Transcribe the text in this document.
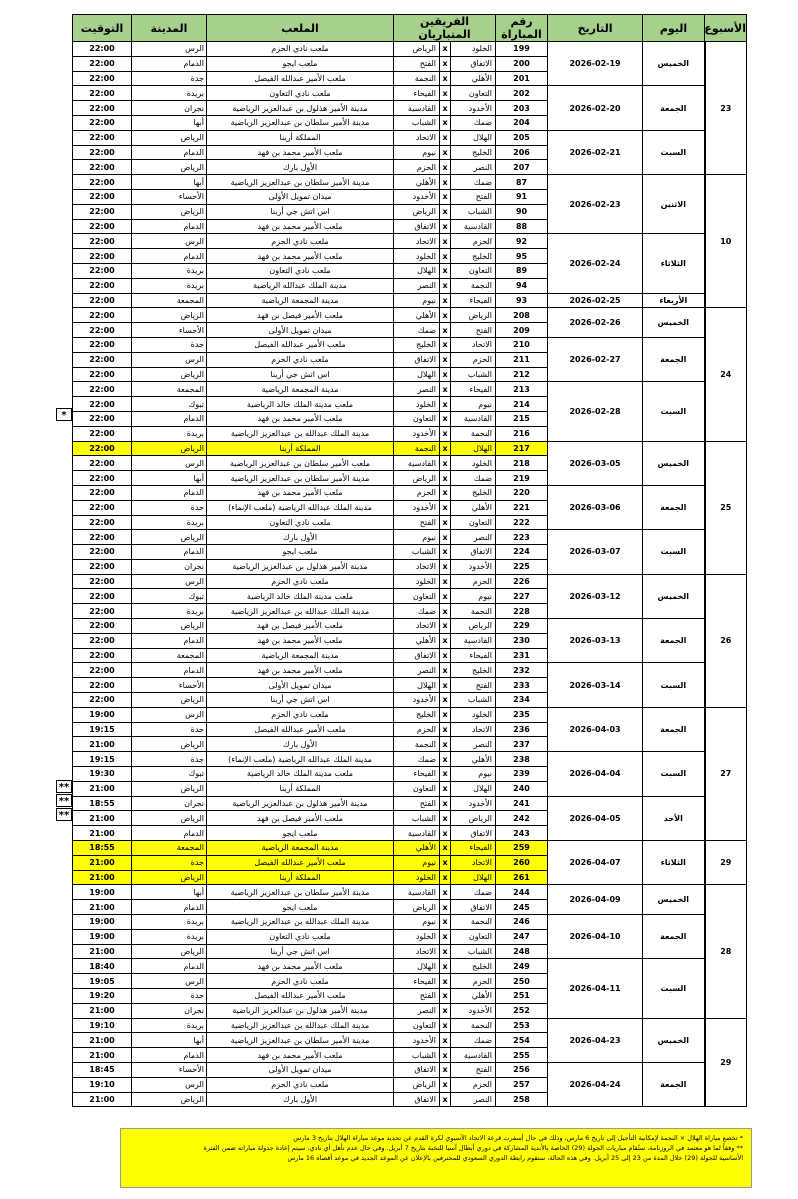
الأسبوع	اليوم	التاريخ	رقم المباراة	الفريقين المتباريان			الملعب	المدينة	التوقيت
23	الخميس	2026-02-19	199	الخلود	x	الرياض	ملعب نادي الحزم	الرس	22:00
			200	الاتفاق	x	الفتح	ملعب ايجو	الدمام	22:00
			201	الأهلي	x	النجمة	ملعب الأمير عبدالله الفيصل	جدة	22:00
	الجمعة	2026-02-20	202	التعاون	x	الفيحاء	ملعب نادي التعاون	بريدة	22:00
			203	الأخدود	x	القادسية	مدينة الأمير هذلول بن عبدالعزيز الرياضية	نجران	22:00
			204	ضمك	x	الشباب	مدينة الأمير سلطان بن عبدالعزيز الرياضية	أبها	22:00
	السبت	2026-02-21	205	الهلال	x	الاتحاد	المملكة أرينا	الرياض	22:00
			206	الخليج	x	نيوم	ملعب الأمير محمد بن فهد	الدمام	22:00
			207	النصر	x	الحزم	الأول بارك	الرياض	22:00
10	الاثنين	2026-02-23	87	ضمك	x	الأهلي	مدينة الأمير سلطان بن عبدالعزيز الرياضية	أبها	22:00
			91	الفتح	x	الأخدود	ميدان تمويل الأولى	الأحساء	22:00
			90	الشباب	x	الرياض	اس اتش جي أرينا	الرياض	22:00
			88	القادسية	x	الاتفاق	ملعب الأمير محمد بن فهد	الدمام	22:00
	الثلاثاء	2026-02-24	92	الحزم	x	الاتحاد	ملعب نادي الحزم	الرس	22:00
			95	الخليج	x	الخلود	ملعب الأمير محمد بن فهد	الدمام	22:00
			89	التعاون	x	الهلال	ملعب نادي التعاون	بريدة	22:00
			94	النجمة	x	النصر	مدينة الملك عبدالله الرياضية	بريدة	22:00
	الأربعاء	2026-02-25	93	الفيحاء	x	نيوم	مدينة المجمعة الرياضية	المجمعة	22:00
24	الخميس	2026-02-26	208	الرياض	x	الأهلي	ملعب الأمير فيصل بن فهد	الرياض	22:00
			209	الفتح	x	ضمك	ميدان تمويل الأولى	الأحساء	22:00
	الجمعة	2026-02-27	210	الاتحاد	x	الخليج	ملعب الأمير عبدالله الفيصل	جدة	22:00
			211	الحزم	x	الاتفاق	ملعب نادي الحزم	الرس	22:00
			212	الشباب	x	الهلال	اس اتش جي أرينا	الرياض	22:00
	السبت	2026-02-28	213	الفيحاء	x	النصر	مدينة المجمعة الرياضية	المجمعة	22:00
			214	نيوم	x	الخلود	ملعب مدينة الملك خالد الرياضية	تبوك	22:00
			215	القادسية	x	التعاون	ملعب الأمير محمد بن فهد	الدمام	22:00
			216	النجمة	x	الأخدود	مدينة الملك عبدالله بن عبدالعزيز الرياضية	بريدة	22:00
25	الخميس	2026-03-05	217	الهلال	x	النجمة	المملكة أرينا	الرياض	22:00
			218	الخلود	x	القادسية	ملعب الأمير سلطان بن عبدالعزيز الرياضية	الرس	22:00
			219	ضمك	x	الرياض	مدينة الأمير سلطان بن عبدالعزيز الرياضية	أبها	22:00
	الجمعة	2026-03-06	220	الخليج	x	الحزم	ملعب الأمير محمد بن فهد	الدمام	22:00
			221	الأهلي	x	الأخدود	مدينة الملك عبدالله الرياضية (ملعب الإنماء)	جدة	22:00
			222	التعاون	x	الفتح	ملعب نادي التعاون	بريدة	22:00
	السبت	2026-03-07	223	النصر	x	نيوم	الأول بارك	الرياض	22:00
			224	الاتفاق	x	الشباب	ملعب ايجو	الدمام	22:00
			225	الأخدود	x	الاتحاد	مدينة الأمير هذلول بن عبدالعزيز الرياضية	نجران	22:00
26	الخميس	2026-03-12	226	الحزم	x	الخلود	ملعب نادي الحزم	الرس	22:00
			227	نيوم	x	التعاون	ملعب مدينة الملك خالد الرياضية	تبوك	22:00
			228	النجمة	x	ضمك	مدينة الملك عبدالله بن عبدالعزيز الرياضية	بريدة	22:00
	الجمعة	2026-03-13	229	الرياض	x	الاتحاد	ملعب الأمير فيصل بن فهد	الرياض	22:00
			230	القادسية	x	الأهلي	ملعب الأمير محمد بن فهد	الدمام	22:00
			231	الفيحاء	x	الاتفاق	مدينة المجمعة الرياضية	المجمعة	22:00
	السبت	2026-03-14	232	الخليج	x	النصر	ملعب الأمير محمد بن فهد	الدمام	22:00
			233	الفتح	x	الهلال	ميدان تمويل الأولى	الأحساء	22:00
			234	الشباب	x	الأخدود	اس اتش جي أرينا	الرياض	22:00
27	الجمعة	2026-04-03	235	الخلود	x	الخليج	ملعب نادي الحزم	الرس	19:00
			236	الاتحاد	x	الحزم	ملعب الأمير عبدالله الفيصل	جدة	19:15
			237	النصر	x	النجمة	الأول بارك	الرياض	21:00
	السبت	2026-04-04	238	الأهلي	x	ضمك	مدينة الملك عبدالله الرياضية (ملعب الإنماء)	جدة	19:15
			239	نيوم	x	الفيحاء	ملعب مدينة الملك خالد الرياضية	تبوك	19:30
			240	الهلال	x	التعاون	المملكة أرينا	الرياض	21:00
	الأحد	2026-04-05	241	الأخدود	x	الفتح	مدينة الأمير هذلول بن عبدالعزيز الرياضية	نجران	18:55
			242	الرياض	x	الشباب	ملعب الأمير فيصل بن فهد	الرياض	21:00
			243	الاتفاق	x	القادسية	ملعب ايجو	الدمام	21:00
29	الثلاثاء	2026-04-07	259	الفيحاء	x	الأهلي	مدينة المجمعة الرياضية	المجمعة	18:55
			260	الاتحاد	x	نيوم	ملعب الأمير عبدالله الفيصل	جدة	21:00
			261	الهلال	x	الخلود	المملكة أرينا	الرياض	21:00
28	الخميس	2026-04-09	244	ضمك	x	القادسية	مدينة الأمير سلطان بن عبدالعزيز الرياضية	أبها	19:00
			245	الاتفاق	x	الرياض	ملعب ايجو	الدمام	21:00
	الجمعة	2026-04-10	246	النجمة	x	نيوم	مدينة الملك عبدالله بن عبدالعزيز الرياضية	بريدة	19:00
			247	التعاون	x	الخلود	ملعب نادي التعاون	بريدة	19:00
			248	الشباب	x	الاتحاد	اس اتش جي أرينا	الرياض	21:00
	السبت	2026-04-11	249	الخليج	x	الهلال	ملعب الأمير محمد بن فهد	الدمام	18:40
			250	الحزم	x	الفيحاء	ملعب نادي الحزم	الرس	19:05
			251	الأهلي	x	الفتح	ملعب الأمير عبدالله الفيصل	جدة	19:20
			252	الأخدود	x	النصر	مدينة الأمير هذلول بن عبدالعزيز الرياضية	نجران	21:00
29	الخميس	2026-04-23	253	النجمة	x	التعاون	مدينة الملك عبدالله بن عبدالعزيز الرياضية	بريدة	19:10
			254	ضمك	x	الأخدود	مدينة الأمير سلطان بن عبدالعزيز الرياضية	أبها	21:00
			255	القادسية	x	الشباب	ملعب الأمير محمد بن فهد	الدمام	21:00
	الجمعة	2026-04-24	256	الفتح	x	الاتفاق	ميدان تمويل الأولى	الأحساء	18:45
			257	الحزم	x	الرياض	ملعب نادي الحزم	الرس	19:10
			258	النصر	x	الاتفاق	الأول بارك	الرياض	21:00
*
**
**
**

* تخضع مباراة الهلال × النجمة لإمكانية التأجيل إلى تاريخ 6 مارس، وذلك في حال أسفرت قرعة الاتحاد الآسيوي لكرة القدم عن تحديد موعد مباراة الهلال بتاريخ 3 مارس

** وفقاً لما هو معتمد في الروزنامة، ستُقام مباريات الجولة (29) الخاصة بالأندية المشاركة في دوري أبطال آسيا للنخبة بتاريخ 7 أبريل. وفي حال عدم تأهل أي نادي، سيتم إعادة جدولة مباراته ضمن الفترة

الأساسية للجولة (29) خلال المدة من 23 إلى 25 أبريل. وفي هذه الحالة، ستقوم رابطة الدوري السعودي للمحترفين بالإعلان عن الموعد الجديد في موعد أقصاه 16 مارس
